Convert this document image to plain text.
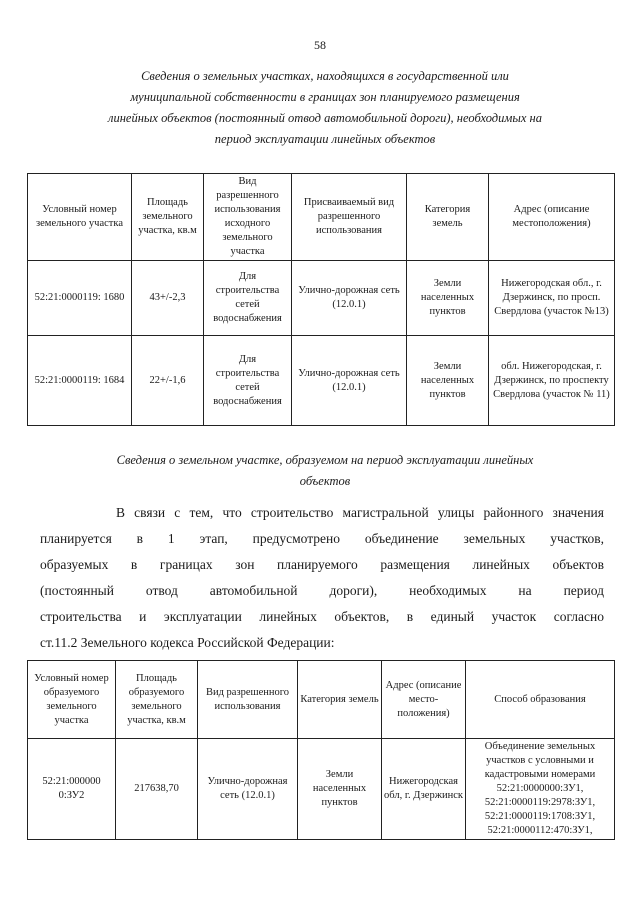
58
Сведения о земельных участках, находящихся в государственной или
муниципальной собственности в границах зон планируемого размещения
линейных объектов (постоянный отвод автомобильной дороги), необходимых на
период эксплуатации линейных объектов
Условный номер земельного участка	Площадь земельного участка, кв.м	Вид разрешенного использования исходного земельного участка	Присваиваемый вид разрешенного использования	Категория земель	Адрес (описание местоположения)
52:21:0000119: 1680	43+/-2,3	Для строительства сетей водоснабжения	Улично-дорожная сеть (12.0.1)	Земли населенных пунктов	Нижегородская обл., г. Дзержинск, по просп. Свердлова (участок №13)
52:21:0000119: 1684	22+/-1,6	Для строительства сетей водоснабжения	Улично-дорожная сеть (12.0.1)	Земли населенных пунктов	обл. Нижегородская, г. Дзержинск, по проспекту Свердлова (участок № 11)
Сведения о земельном участке, образуемом на период эксплуатации линейных
объектов
В связи с тем, что строительство магистральной улицы районного значения
планируется в 1 этап, предусмотрено объединение земельных участков,
образуемых в границах зон планируемого размещения линейных объектов
(постоянный отвод автомобильной дороги), необходимых на период
строительства и эксплуатации линейных объектов, в единый участок согласно
ст.11.2 Земельного кодекса Российской Федерации:
Условный номер образуемого земельного участка	Площадь образуемого земельного участка, кв.м	Вид разрешенного использования	Категория земель	Адрес (описание место-положения)	Способ образования
52:21:000000 0:ЗУ2	217638,70	Улично-дорожная сеть (12.0.1)	Земли населенных пунктов	Нижегородская обл, г. Дзержинск	Объединение земельных участков с условными и кадастровыми номерами 52:21:0000000:ЗУ1, 52:21:0000119:2978:ЗУ1, 52:21:0000119:1708:ЗУ1, 52:21:0000112:470:ЗУ1,
